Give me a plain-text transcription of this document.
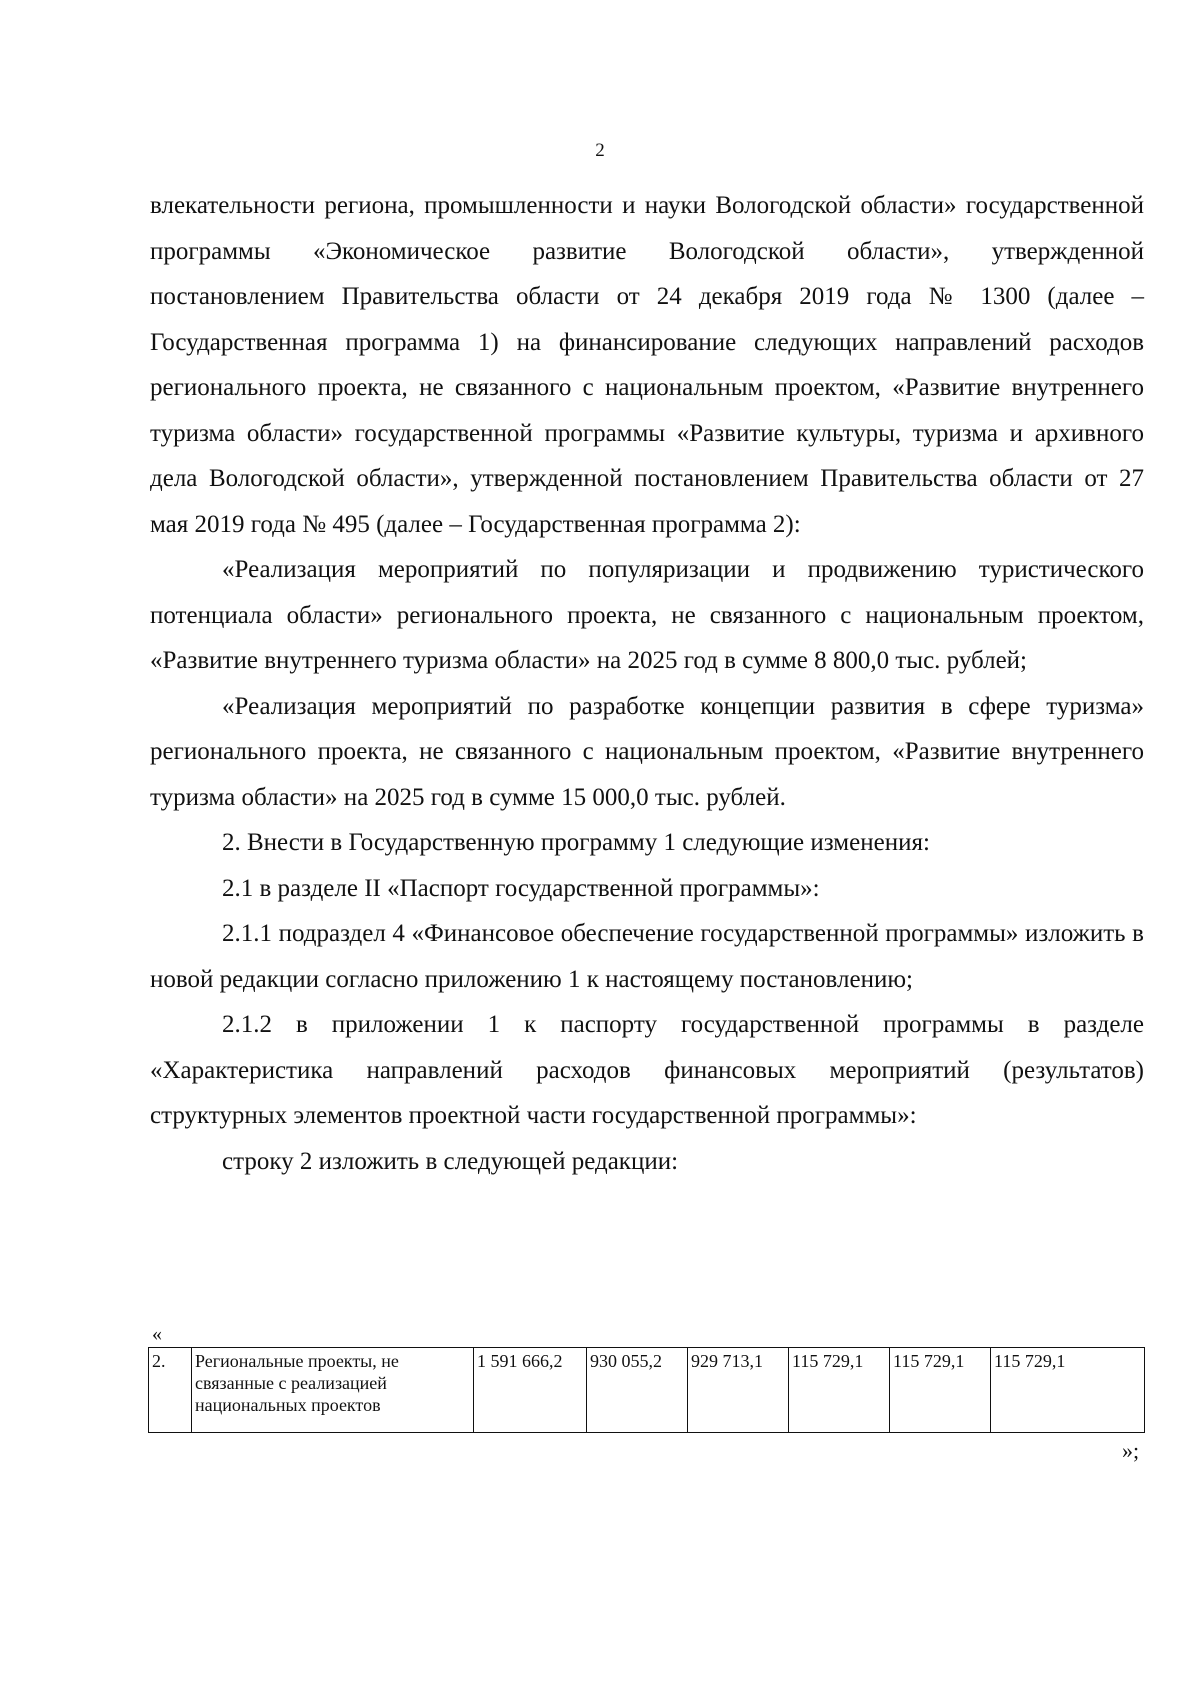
2

влекательности региона, промышленности и науки Вологодской области» государственной программы «Экономическое развитие Вологодской области», утвержденной постановлением Правительства области от 24 декабря 2019 года № 1300 (далее – Государственная программа 1) на финансирование следующих направлений расходов регионального проекта, не связанного с национальным проектом, «Развитие внутреннего туризма области» государственной программы «Развитие культуры, туризма и архивного дела Вологодской области», утвержденной постановлением Правительства области от 27 мая 2019 года № 495 (далее – Государственная программа 2):

«Реализация мероприятий по популяризации и продвижению туристического потенциала области» регионального проекта, не связанного с национальным проектом, «Развитие внутреннего туризма области» на 2025 год в сумме 8 800,0 тыс. рублей;

«Реализация мероприятий по разработке концепции развития в сфере туризма» регионального проекта, не связанного с национальным проектом, «Развитие внутреннего туризма области» на 2025 год в сумме 15 000,0 тыс. рублей.

2. Внести в Государственную программу 1 следующие изменения:

2.1 в разделе II «Паспорт государственной программы»:

2.1.1 подраздел 4 «Финансовое обеспечение государственной программы» изложить в новой редакции согласно приложению 1 к настоящему постановлению;

2.1.2 в приложении 1 к паспорту государственной программы в разделе «Характеристика направлений расходов финансовых мероприятий (результатов) структурных элементов проектной части государственной программы»:

строку 2 изложить в следующей редакции:

«
2.	Региональные проекты, не связанные с реализацией национальных проектов	1 591 666,2	930 055,2	929 713,1	115 729,1	115 729,1	115 729,1
»;
